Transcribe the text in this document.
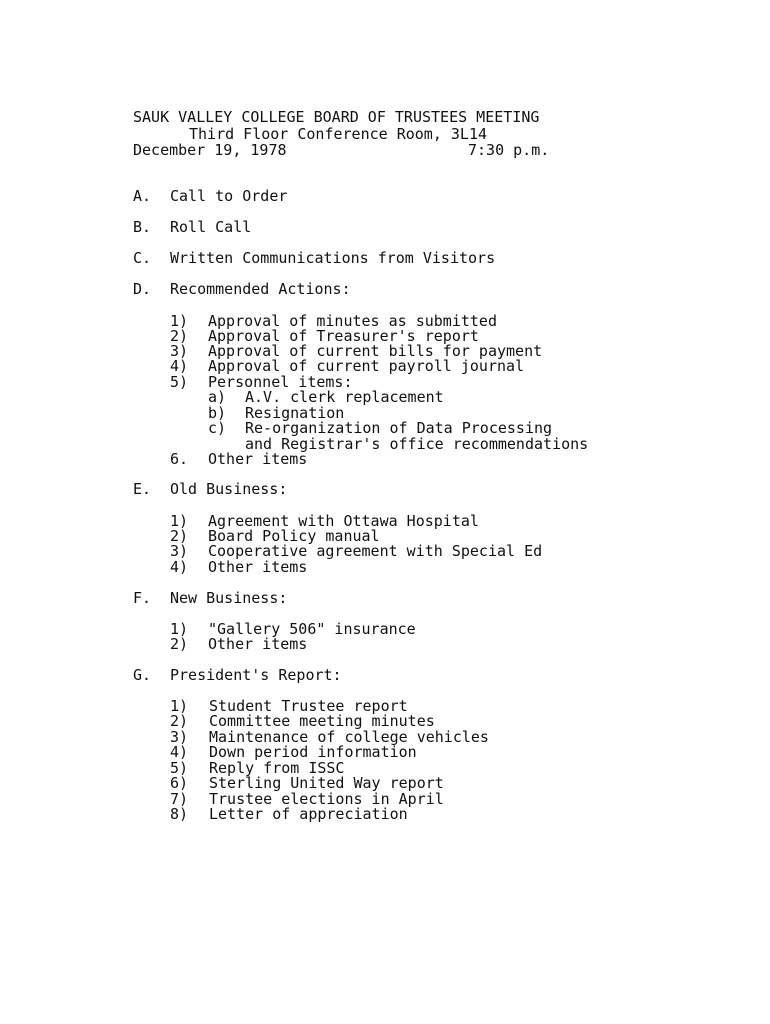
SAUK VALLEY COLLEGE BOARD OF TRUSTEES MEETING
Third Floor Conference Room, 3L14
December 19, 1978	7:30 p.m.
A. Call to Order
B. Roll Call
C. Written Communications from Visitors
D. Recommended Actions:
1) Approval of minutes as submitted
2) Approval of Treasurer's report
3) Approval of current bills for payment
4) Approval of current payroll journal
5) Personnel items:
a) A.V. clerk replacement
b) Resignation
c) Re-organization of Data Processing
and Registrar's office recommendations
6. Other items
E. Old Business:
1) Agreement with Ottawa Hospital
2) Board Policy manual
3) Cooperative agreement with Special Ed
4) Other items
F. New Business:
1) "Gallery 506" insurance
2) Other items
G. President's Report:
1) Student Trustee report
2) Committee meeting minutes
3) Maintenance of college vehicles
4) Down period information
5) Reply from ISSC
6) Sterling United Way report
7) Trustee elections in April
8) Letter of appreciation
